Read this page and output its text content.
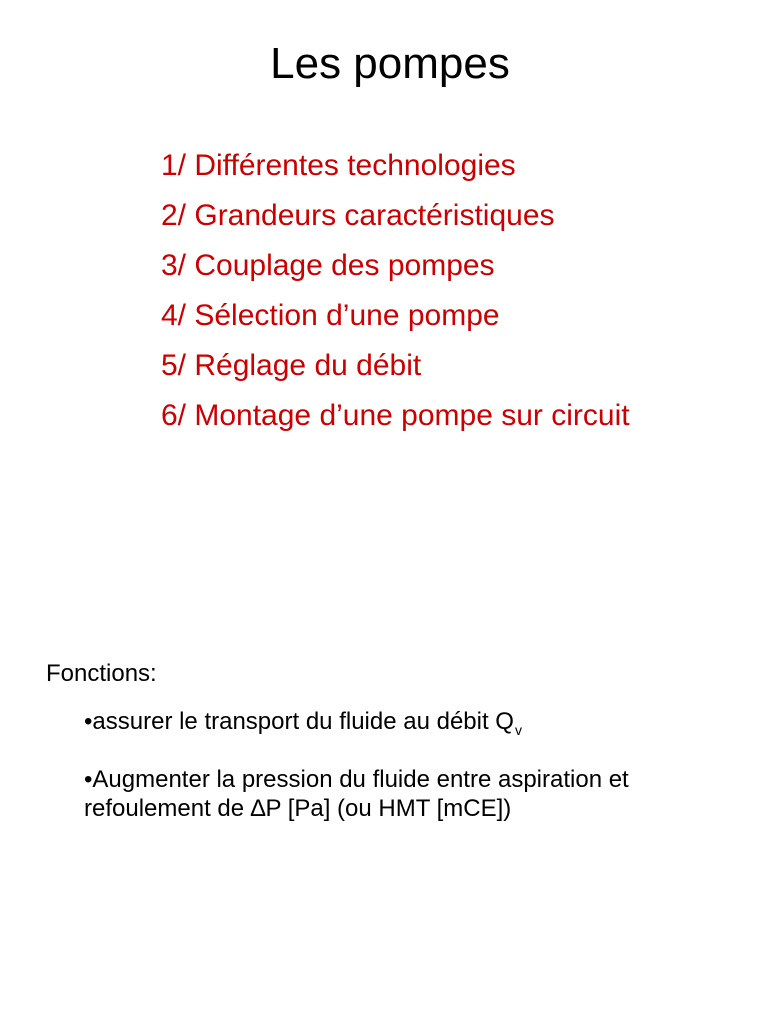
Les pompes
1/ Différentes technologies
2/ Grandeurs caractéristiques
3/ Couplage des pompes
4/ Sélection d’une pompe
5/ Réglage du débit
6/ Montage d’une pompe sur circuit

Fonctions:

•assurer le transport du fluide au débit $Q_v$
•Augmenter la pression du fluide entre aspiration et refoulement de ∆P [Pa] (ou HMT [mCE])
